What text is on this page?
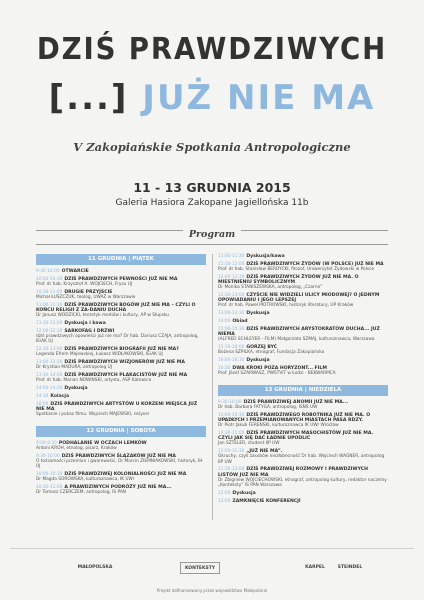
DZIŚ PRAWDZIWYCH
[...] JUŻ NIE MA
V Zakopiańskie Spotkania Antropologiczne
11 - 13 GRUDNIA 2015
Galeria Hasiora Zakopane Jagiellońska 11b
Program
11 GRUDNIA | PIĄTEK
9:30-10:00 OTWARCIE
10:00-10:30 DZIŚ PRAWDZIWYCH PEWNOŚCI JUŻ NIE MA
Prof. dr hab. Krzysztof A. WOJCIECH, Fryzu UJ
10:30-11:00 DRUGIE PRZYJŚCIE
Michał ŁUSZCZUK, teolog, UWAŻ w Warszawie
11:00-11:30 DZIŚ PRAWDZIWYCH BOGÓW JUŻ NIE MA – CZYLI O KOŃCU RELIGII Z ZA-DANIU DUCHA
Dr Janusz WODZICKI, teoretyk mediów i kultury, AP w Słupsku
11:30-12:00 Dyskusja i kawa
12:00-12:30 SARKOFAG I DRZWI
dziś prawdziwych opowieści już nie ma? Dr hab. Dariusz CZAJA, antropolog, IEiAK UJ
12:30-13:00 DZIŚ PRAWDZIWYCH BIOGRAFII JUŻ NIE MA?
Legenda Efrem Majewskiej, Łukasz WIDŁAKOWSKI, IEiAK UJ
13:00-13:30 DZIŚ PRAWDZIWYCH WIZJONERÓW JUŻ NIE MA
Dr Krystian MADURA, antropolog UJ
13:30-14:00 DZIŚ PRAWDZIWYCH PLAKACISTÓW JUŻ NIE MA
Prof. dr hab. Marian NOWINSKI, artysta, ASP Katowice
14:00-14:30 Dyskusja
14:30 Kolacja
18:00 DZIŚ PRAWDZIWYCH ARTYSTÓW U KORZENI MIEJSCA JUŻ NIE MA
Spotkanie i pokaz filmu. Wojciech MAJEWSKI, reżyser
12 GRUDNIA | SOBOTA
9:00-9:30 PODHALANIE W OCZACH LEMKÓW
Antoni KROH, etnolog, pisarz, Kraków
9:30-10:00 DZIŚ PRAWDZIWYCH ŚLĄZAKÓW JUŻ NIE MA
O tożsamości przemian i gwarowości, Dr Marcin ZIEMNIAKOWSKI, historyk, IH UJ
10:00-10:30 DZIŚ PRAWDZIWEJ KOLONIALNOŚCI JUŻ NIE MA
Dr Magda SOROWSKA, kulturoznawca, IK UWr
10:30-11:00 A PRAWDZIWYCH PODRÓŻY JUŻ NIE MA...
Dr Tomasz CZERCZEM, antropolog, IS PAN
11:00-11:30 Dyskusja/kawa
11:30-12:00 DZIŚ PRAWDZIWYCH ŻYDÓW (W POLSCE) JUŻ NIE MA
Prof. dr hab. Stanisław BERDYCKI, filozof, Uniwersytet Żydowski w Polsce
12:00-12:30 DZIŚ PRAWDZIWYCH ŻYDÓW JUŻ NIE MA. O MIESTNIENIU SYMBOLICZNYM
Dr Monika STANISZEWSKA, antropolog, „Czarne”
12:30-13:00 CZYŚCIE NIE WIDZIELI ULICY MIODOWEJ? O JEDNYM OPOWIADANIU I JEGO LEPSZEJ
Prof. dr hab. Paweł PIOTROWSKI, historyk literatury, UP Kraków
13:00-13:30 Dyskusja
14:00 Obiad
15:00-15:30 DZIŚ PRAWDZIWYCH ARYSTOKRATÓW DUCHA... JUŻ NIEMA
(ALFRED SCHLEYER - FILM) Małgorzata SZMAJ, kulturoznawca, Warszawa
15:30-16:00 GORZEJ BYĆ
Bożena SZPILKA, etnograf, Fundacja Zakopiańska
16:00-16:30 Dyskusja
16:30 DWA KROKI POZA HORYZONT... FILM
Prof. Józef SZARWASZ, PWSTViT w Łodzi - BEKWARMCA
13 GRUDNIA | NIEDZIELA
9:30-10:00 DZIŚ PRAWDZIWEJ ANOMII JUŻ NIE MA...
Dr hab. Barbara FATYGA, antropolog, ISNS UW
10:00-10:30 DZIŚ PRAWDZIWEGO ROBOTNIKA JUŻ NIE MA. O UPADŁYCH I PRZEMIANOWANYCH MIASTACH PASA RDZY.
Dr Piotr Jakub FERENSKI, kulturoznawca IK UWr Wrocław
10:30-11:00 DZIŚ PRAWDZIWYCH MASOCHISTÓW JUŻ NIE MA. CZYLI JAK SIĘ DAĆ ŁADNIE UPODLIĆ
Jan SZTELER, student IIP UW
11:00-11:30 „JUŻ NIE MA”.
Okruchy, czyli zasobów niezłobecność Dr hab. Wojciech WAGNER, antropolog IIP UW
11:30-12:00 DZIŚ PRAWDZIWEJ ROZMOWY I PRAWDZIWYCH LISTÓW JUŻ NIE MA
Dr Zbigniew WOJCIECHOWSKI, etnograf, antropolog kultury, redaktor naczelny „Konteksty” IS PAN Warszawa
12:00 Dyskusja
13:00 ZAMKNIĘCIE KONFERENCJI
MAŁOPOLSKA	KONTEKSTY	KARPEL	STEINDEL
Projekt dofinansowany przez województwo Małopolskie
